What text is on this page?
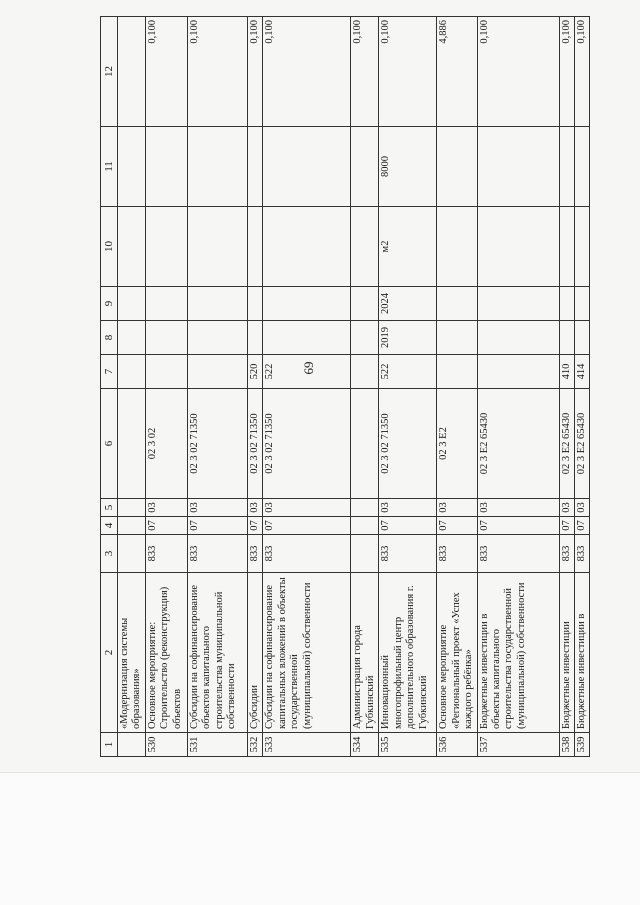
69
1	2	3	4	5	6	7	8	9	10	11	12
	«Модернизация системы образования»										
530	Основное мероприятие: Строительство (реконструкция) объектов	833	07	03	02 3 02						0,100
531	Субсидии на софинансирование объектов капитального строительства муниципальной собственности	833	07	03	02 3 02 71350						0,100
532	Субсидии	833	07	03	02 3 02 71350	520					0,100
533	Субсидии на софинансирование капитальных вложений в объекты государственной (муниципальной) собственности	833	07	03	02 3 02 71350	522					0,100
534	Администрация города Губкинский										0,100
535	Инновационный многопрофильный центр дополнительного образования г. Губкинский	833	07	03	02 3 02 71350	522	2019	2024	м2	8000	0,100
536	Основное мероприятие «Региональный проект «Успех каждого ребёнка»	833	07	03	02 3 E2						4,886
537	Бюджетные инвестиции в объекты капитального строительства государственной (муниципальной) собственности	833	07	03	02 3 E2 65430						0,100
538	Бюджетные инвестиции	833	07	03	02 3 E2 65430	410					0,100
539	Бюджетные инвестиции в	833	07	03	02 3 E2 65430	414					0,100
